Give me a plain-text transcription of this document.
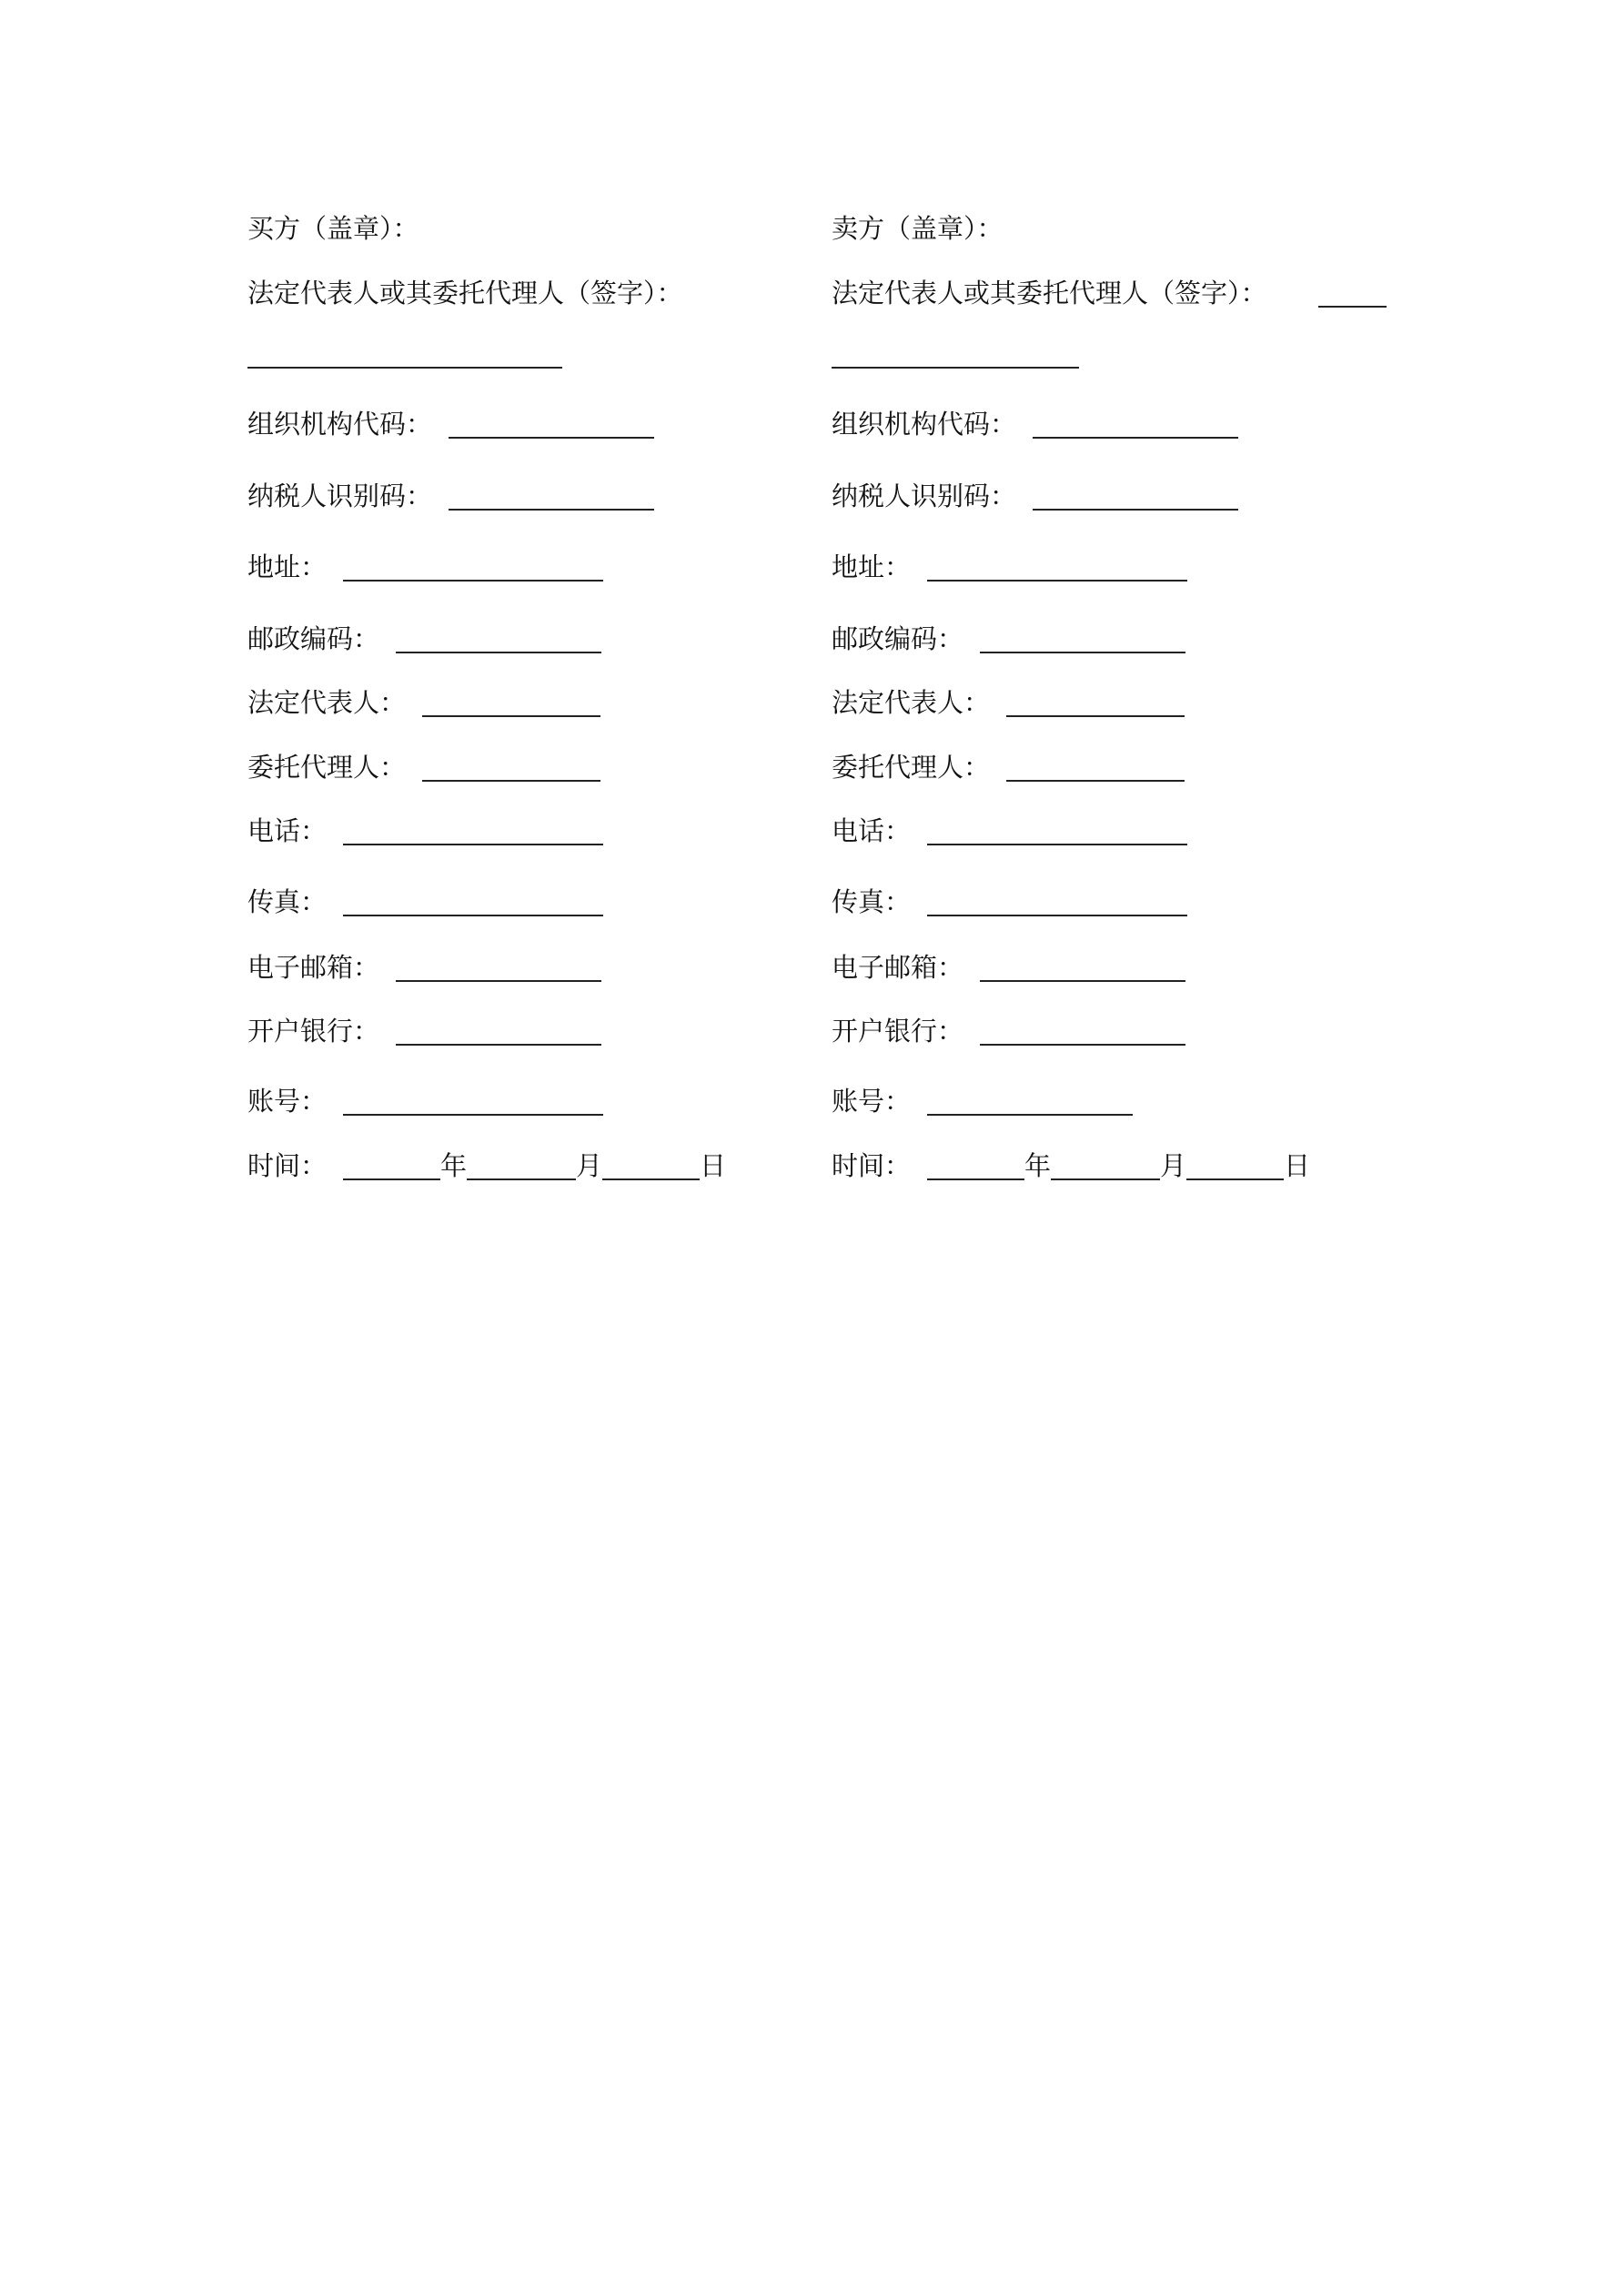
买方（盖章）：
法定代表人或其委托代理人（签字）：
组织机构代码：
纳税人识别码：
地址：
邮政编码：
法定代表人：
委托代理人：
电话：
传真：
电子邮箱：
开户银行：
账号：
时间：	年	月	日
卖方（盖章）：
法定代表人或其委托代理人（签字）：
组织机构代码：
纳税人识别码：
地址：
邮政编码：
法定代表人：
委托代理人：
电话：
传真：
电子邮箱：
开户银行：
账号：
时间：	年	月	日
